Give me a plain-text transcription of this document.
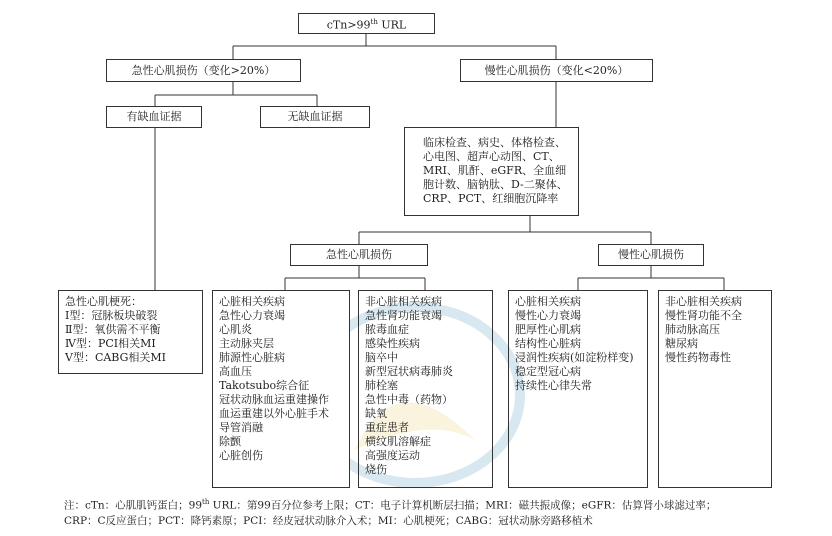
cTn>99th URL
急性心肌损伤（变化>20%）	慢性心肌损伤（变化<20%）
有缺血证据	无缺血证据
临床检查、病史、体格检查、
心电图、超声心动图、CT、
MRI、肌酐、eGFR、全血细
胞计数、脑钠肽、D-二聚体、
CRP、PCT、红细胞沉降率
急性心肌损伤	慢性心肌损伤
急性心肌梗死：
Ⅰ型：冠脉板块破裂
Ⅱ型：氧供需不平衡
Ⅳ型：PCI相关MI
Ⅴ型：CABG相关MI
心脏相关疾病
急性心力衰竭
心肌炎
主动脉夹层
肺源性心脏病
高血压
Takotsubo综合征
冠状动脉血运重建操作
血运重建以外心脏手术
导管消融
除颤
心脏创伤
非心脏相关疾病
急性肾功能衰竭
脓毒血症
感染性疾病
脑卒中
新型冠状病毒肺炎
肺栓塞
急性中毒（药物）
缺氧
重症患者
横纹肌溶解症
高强度运动
烧伤
心脏相关疾病
慢性心力衰竭
肥厚性心肌病
结构性心脏病
浸润性疾病(如淀粉样变)
稳定型冠心病
持续性心律失常
非心脏相关疾病
慢性肾功能不全
肺动脉高压
糖尿病
慢性药物毒性
注：cTn：心肌肌钙蛋白；99th URL：第99百分位参考上限；CT：电子计算机断层扫描；MRI：磁共振成像；eGFR：估算肾小球滤过率；
CRP：C反应蛋白；PCT：降钙素原；PCI：经皮冠状动脉介入术；MI：心肌梗死；CABG：冠状动脉旁路移植术
